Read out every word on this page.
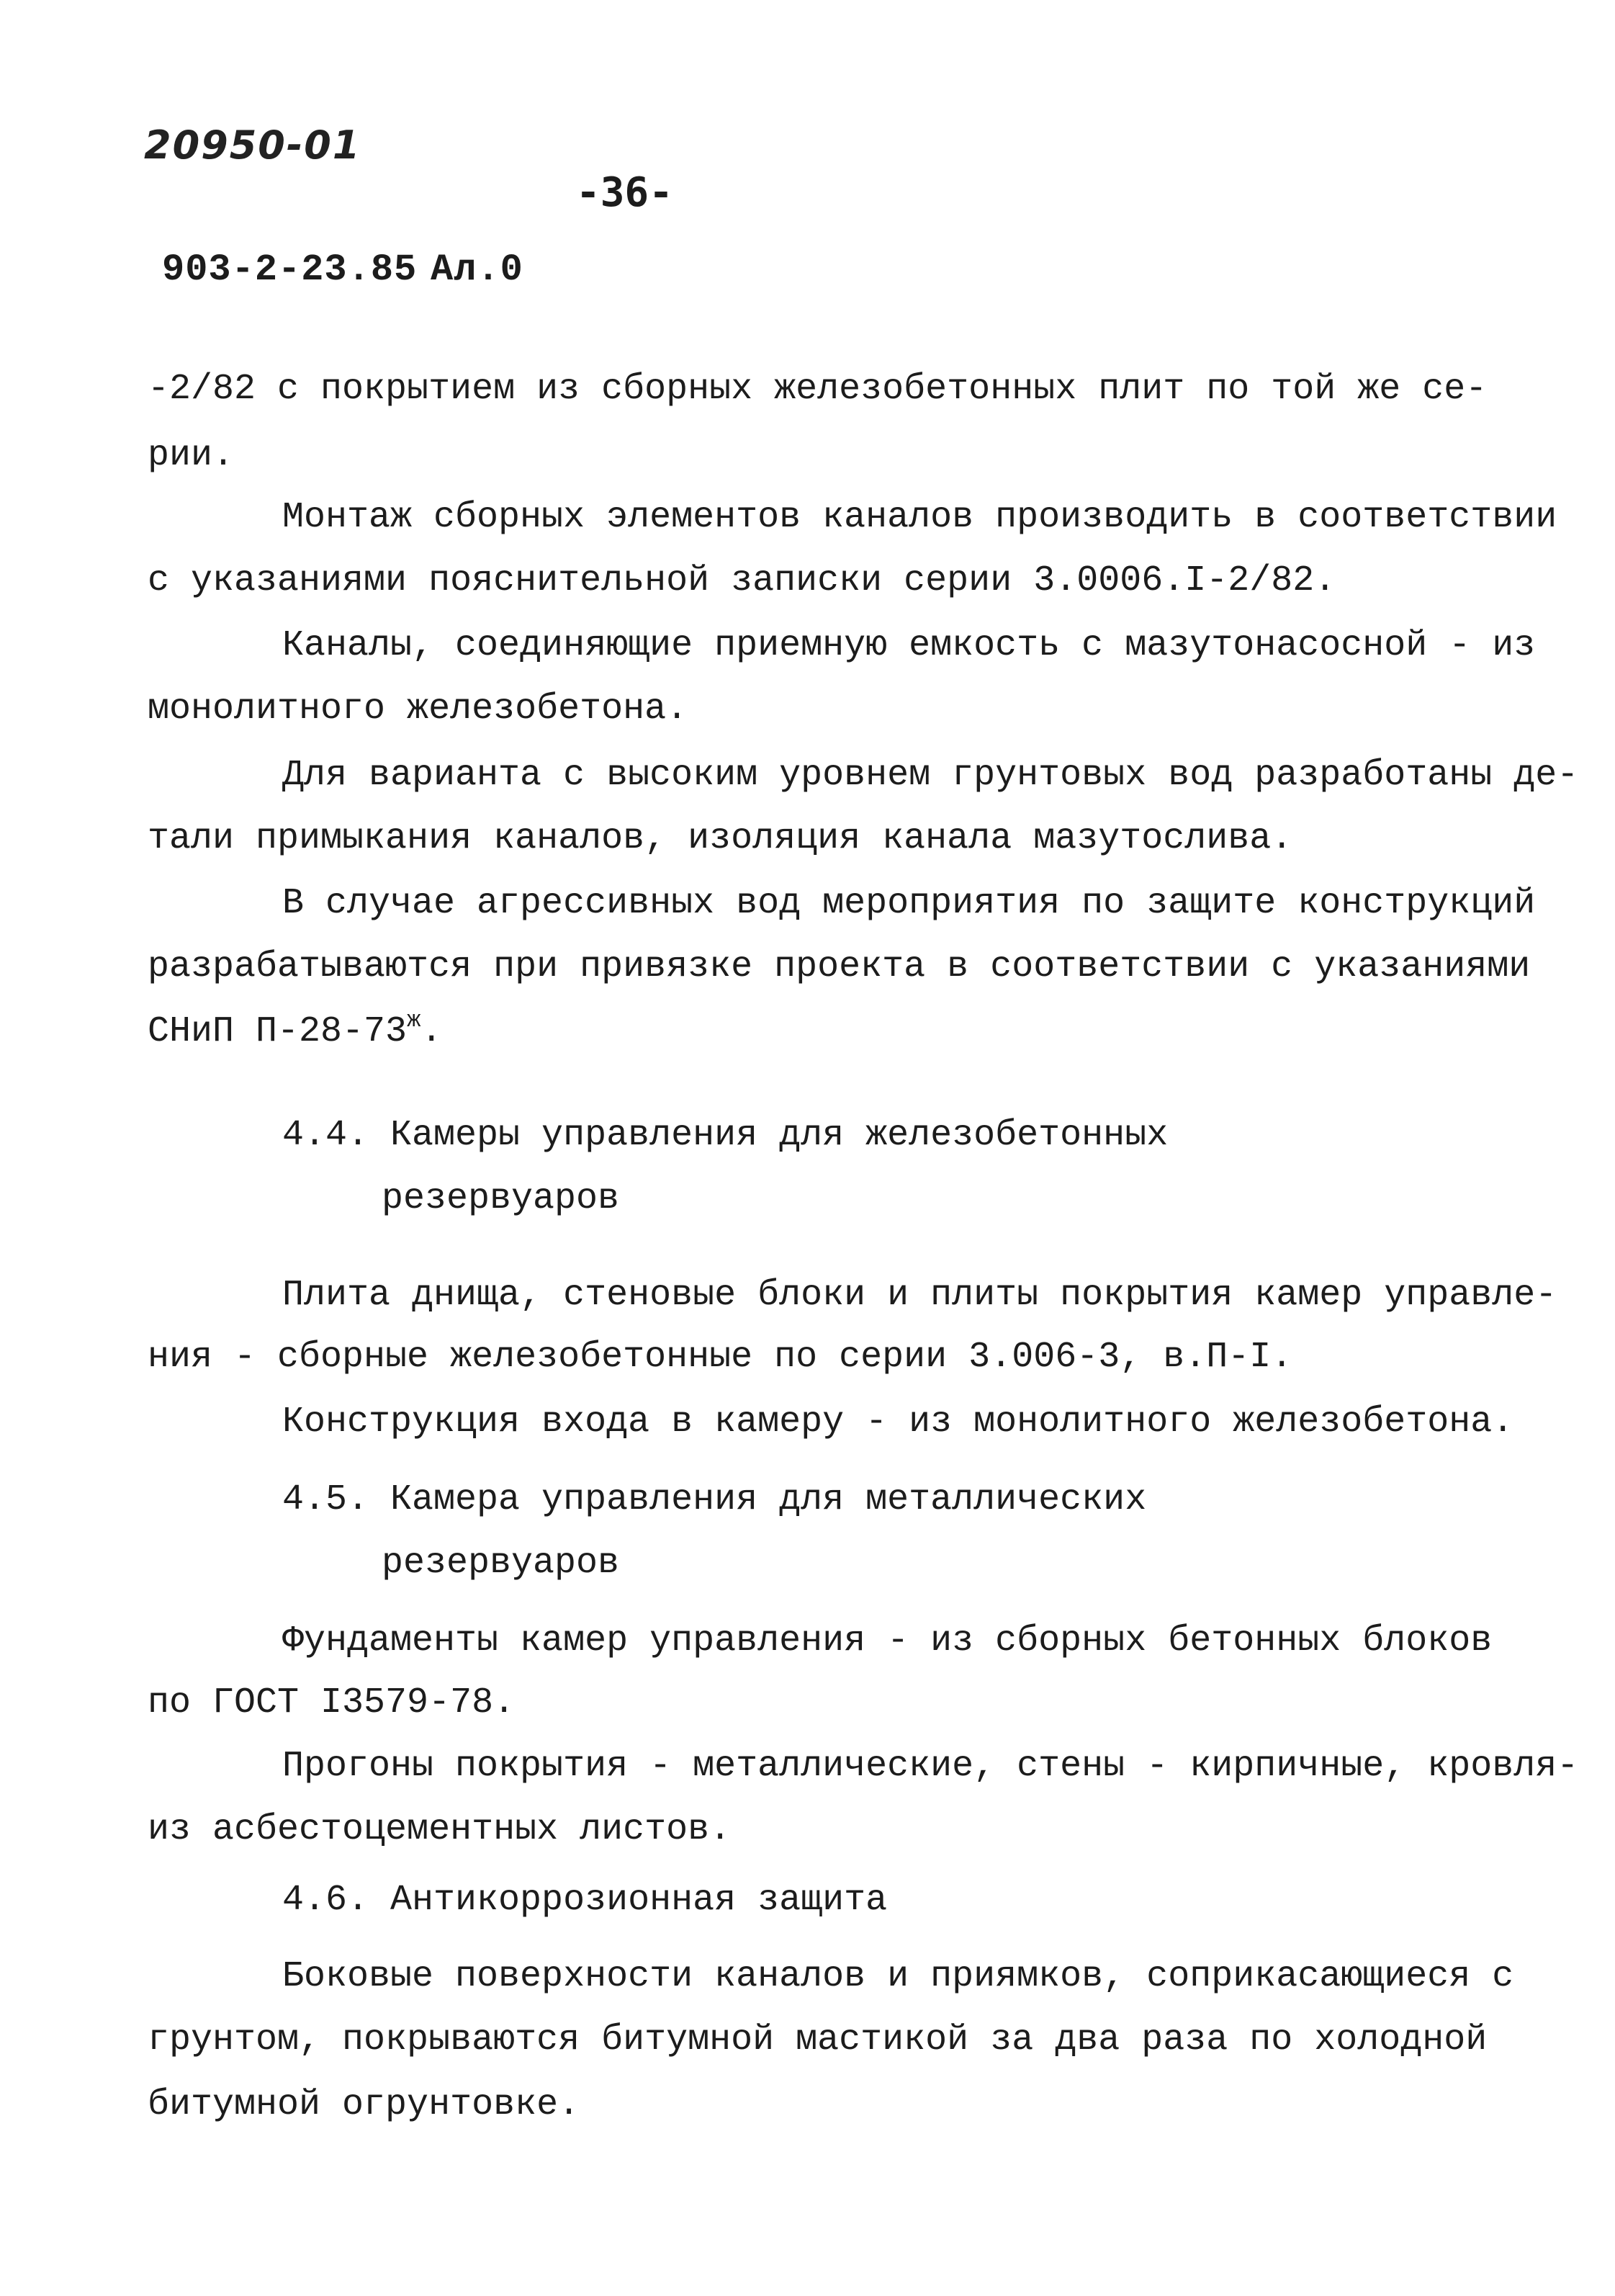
20950-01
-36-
903-2-23.85 Ал.0
-2/82 с покрытием из сборных железобетонных плит по той же се-
рии.
Монтаж сборных элементов каналов производить в соответствии
с указаниями пояснительной записки серии 3.0006.I-2/82.
Каналы, соединяющие приемную емкость с мазутонасосной - из
монолитного железобетона.
Для варианта с высоким уровнем грунтовых вод разработаны де-
тали примыкания каналов, изоляция канала мазутослива.
В случае агрессивных вод мероприятия по защите конструкций
разрабатываются при привязке проекта в соответствии с указаниями
СНиП $П-28-73^ж$.
4.4. Камеры управления для железобетонных
резервуаров
Плита днища, стеновые блоки и плиты покрытия камер управле-
ния - сборные железобетонные по серии 3.006-3, в.П-I.
Конструкция входа в камеру - из монолитного железобетона.
4.5. Камера управления для металлических
резервуаров
Фундаменты камер управления - из сборных бетонных блоков
по ГОСТ I3579-78.
Прогоны покрытия - металлические, стены - кирпичные, кровля-
из асбестоцементных листов.
4.6. Антикоррозионная защита
Боковые поверхности каналов и приямков, соприкасающиеся с
грунтом, покрываются битумной мастикой за два раза по холодной
битумной огрунтовке.
